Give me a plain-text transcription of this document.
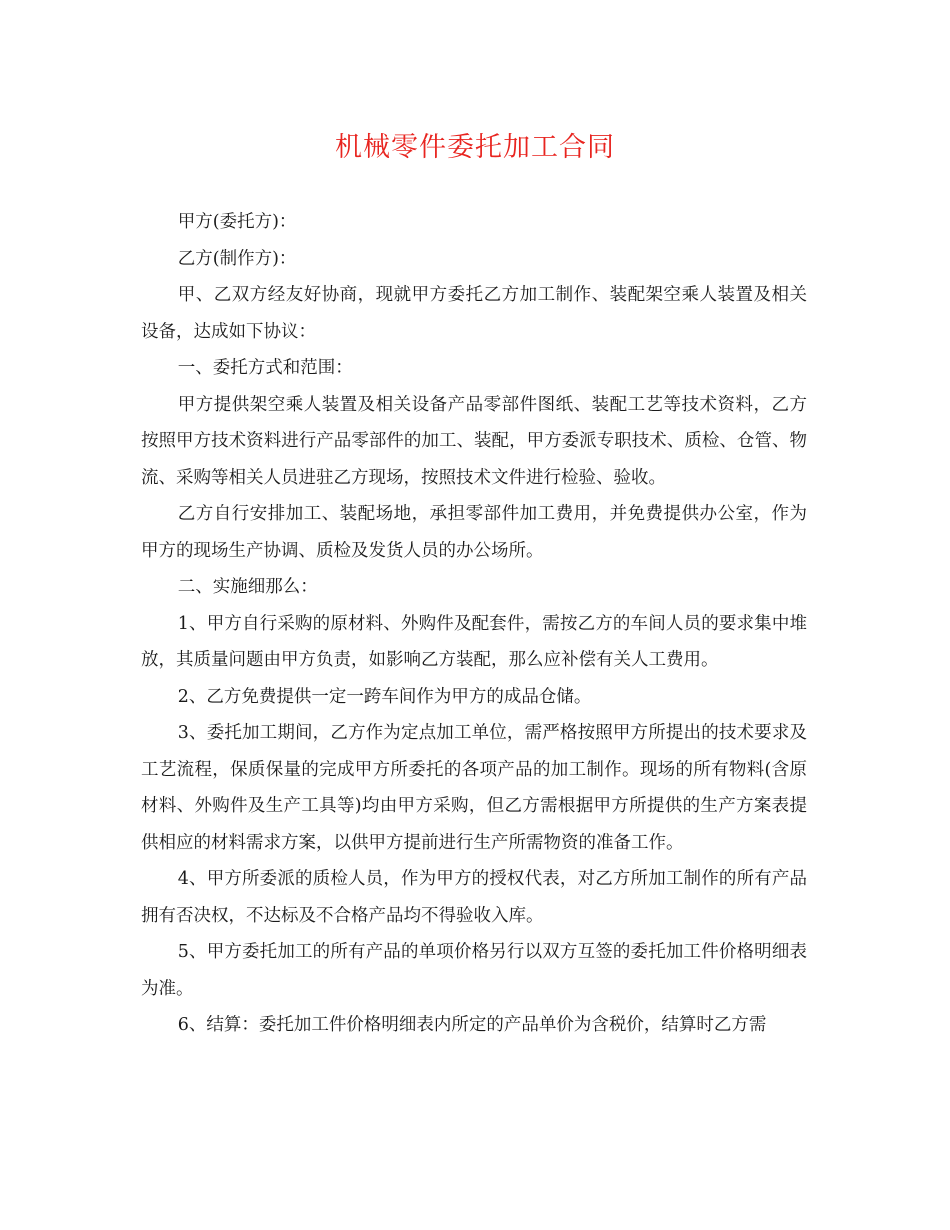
机械零件委托加工合同

甲方(委托方)：

乙方(制作方)：

甲、乙双方经友好协商，现就甲方委托乙方加工制作、装配架空乘人装置及相关设备，达成如下协议：

一、委托方式和范围：

甲方提供架空乘人装置及相关设备产品零部件图纸、装配工艺等技术资料，乙方按照甲方技术资料进行产品零部件的加工、装配，甲方委派专职技术、质检、仓管、物流、采购等相关人员进驻乙方现场，按照技术文件进行检验、验收。

乙方自行安排加工、装配场地，承担零部件加工费用，并免费提供办公室，作为甲方的现场生产协调、质检及发货人员的办公场所。

二、实施细那么：

1、甲方自行采购的原材料、外购件及配套件，需按乙方的车间人员的要求集中堆放，其质量问题由甲方负责，如影响乙方装配，那么应补偿有关人工费用。

2、乙方免费提供一定一跨车间作为甲方的成品仓储。

3、委托加工期间，乙方作为定点加工单位，需严格按照甲方所提出的技术要求及工艺流程，保质保量的完成甲方所委托的各项产品的加工制作。现场的所有物料(含原材料、外购件及生产工具等)均由甲方采购，但乙方需根据甲方所提供的生产方案表提供相应的材料需求方案，以供甲方提前进行生产所需物资的准备工作。

4、甲方所委派的质检人员，作为甲方的授权代表，对乙方所加工制作的所有产品拥有否决权，不达标及不合格产品均不得验收入库。

5、甲方委托加工的所有产品的单项价格另行以双方互签的委托加工件价格明细表为准。

6、结算：委托加工件价格明细表内所定的产品单价为含税价，结算时乙方需
